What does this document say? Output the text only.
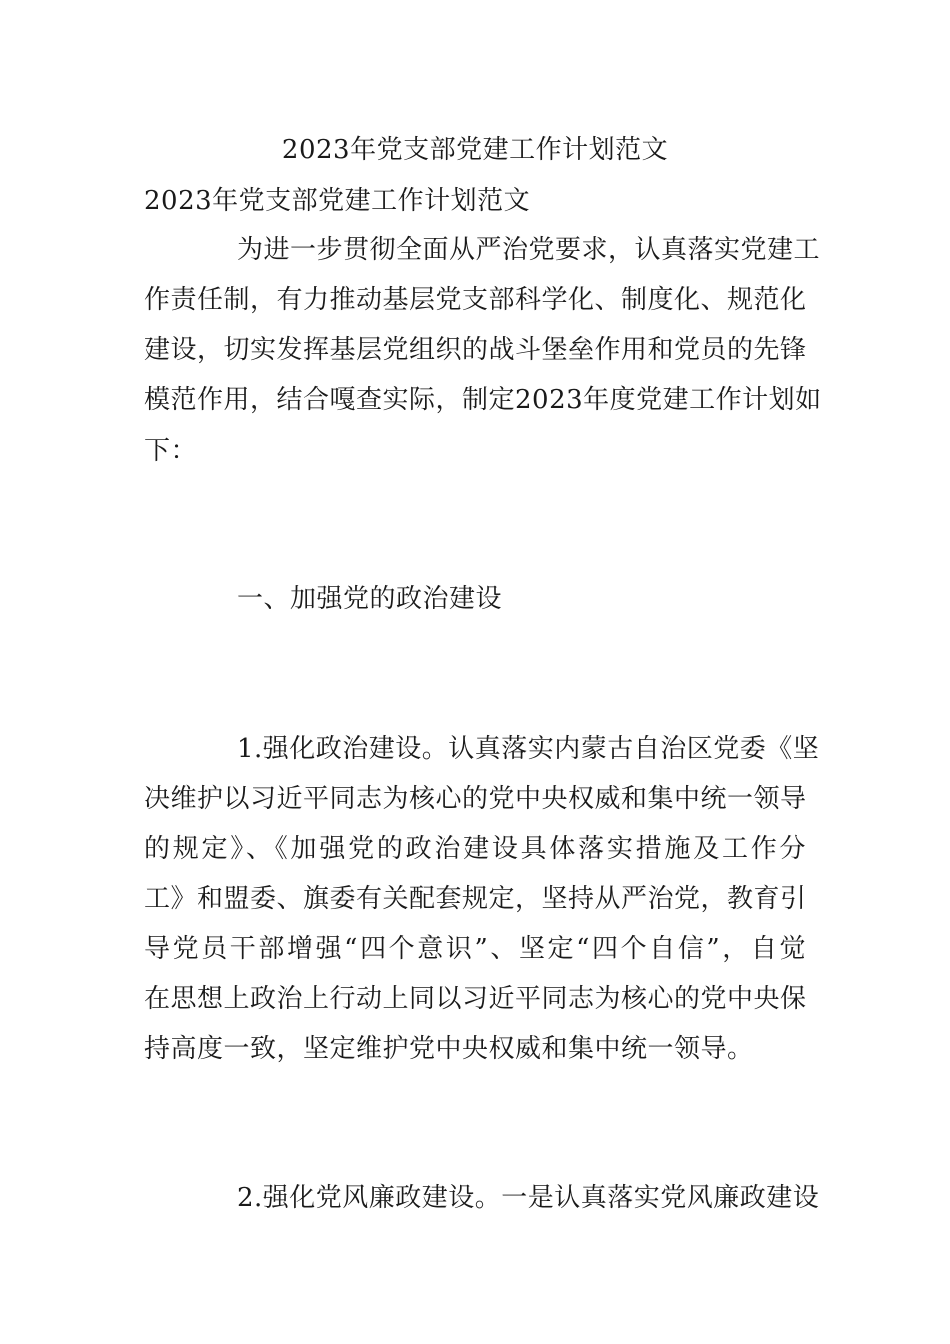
2023年党支部党建工作计划范文
2023年党支部党建工作计划范文
为进一步贯彻全面从严治党要求，认真落实党建工
作责任制，有力推动基层党支部科学化、制度化、规范化
建设，切实发挥基层党组织的战斗堡垒作用和党员的先锋
模范作用，结合嘎查实际，制定2023年度党建工作计划如
下：
一、加强党的政治建设
1.强化政治建设。认真落实内蒙古自治区党委《坚
决维护以习近平同志为核心的党中央权威和集中统一领导
的规定》、《加强党的政治建设具体落实措施及工作分
工》和盟委、旗委有关配套规定，坚持从严治党，教育引
导党员干部增强“四个意识”、坚定“四个自信”，自觉
在思想上政治上行动上同以习近平同志为核心的党中央保
持高度一致，坚定维护党中央权威和集中统一领导。
2.强化党风廉政建设。一是认真落实党风廉政建设
